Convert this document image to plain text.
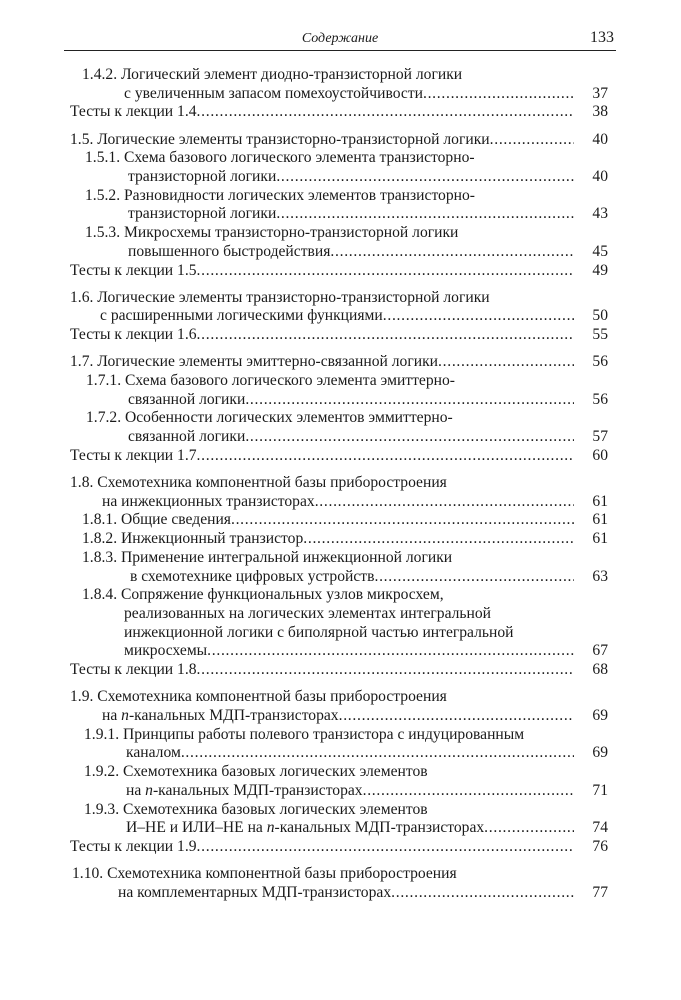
Содержание	133
1.4.2. Логический элемент диодно-транзисторной логики
с увеличенным запасом помехоустойчивости . . .	37
Тесты к лекции 1.4 . . .	38
1.5. Логические элементы транзисторно-транзисторной логики . . .	40
1.5.1. Схема базового логического элемента транзисторно-
транзисторной логики . . .	40
1.5.2. Разновидности логических элементов транзисторно-
транзисторной логики . . .	43
1.5.3. Микросхемы транзисторно-транзисторной логики
повышенного быстродействия . . .	45
Тесты к лекции 1.5 . . .	49
1.6. Логические элементы транзисторно-транзисторной логики
с расширенными логическими функциями . . .	50
Тесты к лекции 1.6 . . .	55
1.7. Логические элементы эмиттерно-связанной логики . . .	56
1.7.1. Схема базового логического элемента эмиттерно-
связанной логики . . .	56
1.7.2. Особенности логических элементов эммиттерно-
связанной логики . . .	57
Тесты к лекции 1.7 . . .	60
1.8. Схемотехника компонентной базы приборостроения
на инжекционных транзисторах . . .	61
1.8.1. Общие сведения . . .	61
1.8.2. Инжекционный транзистор . . .	61
1.8.3. Применение интегральной инжекционной логики
в схемотехнике цифровых устройств . . .	63
1.8.4. Сопряжение функциональных узлов микросхем,
реализованных на логических элементах интегральной
инжекционной логики с биполярной частью интегральной
микросхемы . . .	67
Тесты к лекции 1.8 . . .	68
1.9. Схемотехника компонентной базы приборостроения
на n-канальных МДП-транзисторах . . .	69
1.9.1. Принципы работы полевого транзистора с индуцированным
каналом . . .	69
1.9.2. Схемотехника базовых логических элементов
на n-канальных МДП-транзисторах . . .	71
1.9.3. Схемотехника базовых логических элементов
И–НЕ и ИЛИ–НЕ на n-канальных МДП-транзисторах . . .	74
Тесты к лекции 1.9 . . .	76
1.10. Схемотехника компонентной базы приборостроения
на комплементарных МДП-транзисторах . . .	77
